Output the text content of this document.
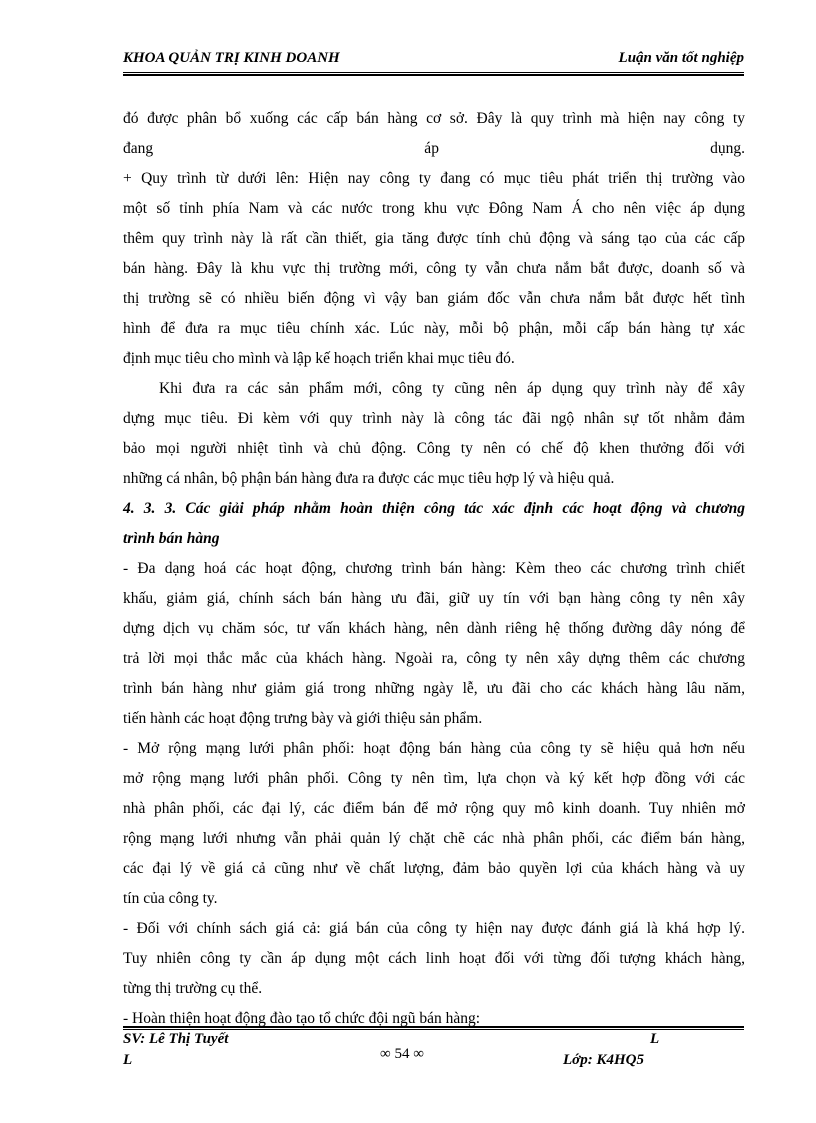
KHOA QUẢN TRỊ KINH DOANH	Luận văn tốt nghiệp
đó được phân bổ xuống các cấp bán hàng cơ sở. Đây là quy trình mà hiện nay công ty
đang áp dụng.
+ Quy trình từ dưới lên: Hiện nay công ty đang có mục tiêu phát triển thị trường vào
một số tỉnh phía Nam và các nước trong khu vực Đông Nam Á cho nên việc áp dụng
thêm quy trình này là rất cần thiết, gia tăng được tính chủ động và sáng tạo của các cấp
bán hàng. Đây là khu vực thị trường mới, công ty vẫn chưa nắm bắt được, doanh số và
thị trường sẽ có nhiều biến động vì vậy ban giám đốc vẫn chưa nắm bắt được hết tình
hình để đưa ra mục tiêu chính xác. Lúc này, mỗi bộ phận, mỗi cấp bán hàng tự xác
định mục tiêu cho mình và lập kế hoạch triển khai mục tiêu đó.
Khi đưa ra các sản phẩm mới, công ty cũng nên áp dụng quy trình này để xây
dựng mục tiêu. Đi kèm với quy trình này là công tác đãi ngộ nhân sự tốt nhằm đảm
bảo mọi người nhiệt tình và chủ động. Công ty nên có chế độ khen thưởng đối với
những cá nhân, bộ phận bán hàng đưa ra được các mục tiêu hợp lý và hiệu quả.
4. 3. 3. Các giải pháp nhằm hoàn thiện công tác xác định các hoạt động và chương
trình bán hàng
- Đa dạng hoá các hoạt động, chương trình bán hàng: Kèm theo các chương trình chiết
khấu, giảm giá, chính sách bán hàng ưu đãi, giữ uy tín với bạn hàng công ty nên xây
dựng dịch vụ chăm sóc, tư vấn khách hàng, nên dành riêng hệ thống đường dây nóng để
trả lời mọi thắc mắc của khách hàng. Ngoài ra, công ty nên xây dựng thêm các chương
trình bán hàng như giảm giá trong những ngày lễ, ưu đãi cho các khách hàng lâu năm,
tiến hành các hoạt động trưng bày và giới thiệu sản phẩm.
- Mở rộng mạng lưới phân phối: hoạt động bán hàng của công ty sẽ hiệu quả hơn nếu
mở rộng mạng lưới phân phối. Công ty nên tìm, lựa chọn và ký kết hợp đồng với các
nhà phân phối, các đại lý, các điểm bán để mở rộng quy mô kinh doanh. Tuy nhiên mở
rộng mạng lưới nhưng vẫn phải quản lý chặt chẽ các nhà phân phối, các điểm bán hàng,
các đại lý về giá cả cũng như về chất lượng, đảm bảo quyền lợi của khách hàng và uy
tín của công ty.
- Đối với chính sách giá cả: giá bán của công ty hiện nay được đánh giá là khá hợp lý.
Tuy nhiên công ty cần áp dụng một cách linh hoạt đối với từng đối tượng khách hàng,
từng thị trường cụ thể.
- Hoàn thiện hoạt động đào tạo tổ chức đội ngũ bán hàng:
SV: Lê Thị Tuyết
L
L
∞ 54 ∞	Lớp: K4HQ5
